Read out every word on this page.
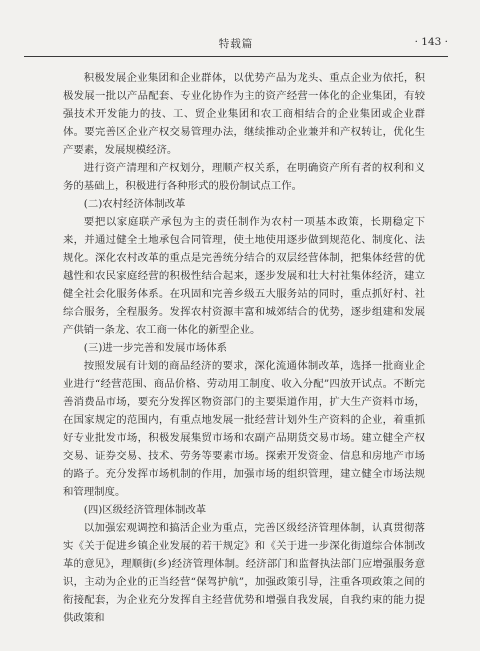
特载篇	· 143 ·

积极发展企业集团和企业群体，以优势产品为龙头、重点企业为依托，积极发展一批以产品配套、专业化协作为主的资产经营一体化的企业集团，有较强技术开发能力的技、工、贸企业集团和农工商相结合的企业集团或企业群体。要完善区企业产权交易管理办法，继续推动企业兼并和产权转让，优化生产要素，发展规模经济。

进行资产清理和产权划分，理顺产权关系，在明确资产所有者的权利和义务的基础上，积极进行各种形式的股份制试点工作。

(二)农村经济体制改革

要把以家庭联产承包为主的责任制作为农村一项基本政策，长期稳定下来，并通过健全土地承包合同管理，使土地使用逐步做到规范化、制度化、法规化。深化农村改革的重点是完善统分结合的双层经营体制，把集体经营的优越性和农民家庭经营的积极性结合起来，逐步发展和壮大村社集体经济，建立健全社会化服务体系。在巩固和完善乡级五大服务站的同时，重点抓好村、社综合服务，全程服务。发挥农村资源丰富和城郊结合的优势，逐步组建和发展产供销一条龙、农工商一体化的新型企业。

(三)进一步完善和发展市场体系

按照发展有计划的商品经济的要求，深化流通体制改革，选择一批商业企业进行“经营范围、商品价格、劳动用工制度、收入分配”四放开试点。不断完善消费品市场，要充分发挥区物资部门的主要渠道作用，扩大生产资料市场，在国家规定的范围内，有重点地发展一批经营计划外生产资料的企业，着重抓好专业批发市场，积极发展集贸市场和农副产品期货交易市场。建立健全产权交易、证券交易、技术、劳务等要素市场。探索开发资金、信息和房地产市场的路子。充分发挥市场机制的作用，加强市场的组织管理，建立健全市场法规和管理制度。

(四)区级经济管理体制改革

以加强宏观调控和搞活企业为重点，完善区级经济管理体制，认真贯彻落实《关于促进乡镇企业发展的若干规定》和《关于进一步深化街道综合体制改革的意见》，理顺街(乡)经济管理体制。经济部门和监督执法部门应增强服务意识，主动为企业的正当经营“保驾护航”，加强政策引导，注重各项政策之间的衔接配套，为企业充分发挥自主经营优势和增强自我发展，自我约束的能力提供政策和
